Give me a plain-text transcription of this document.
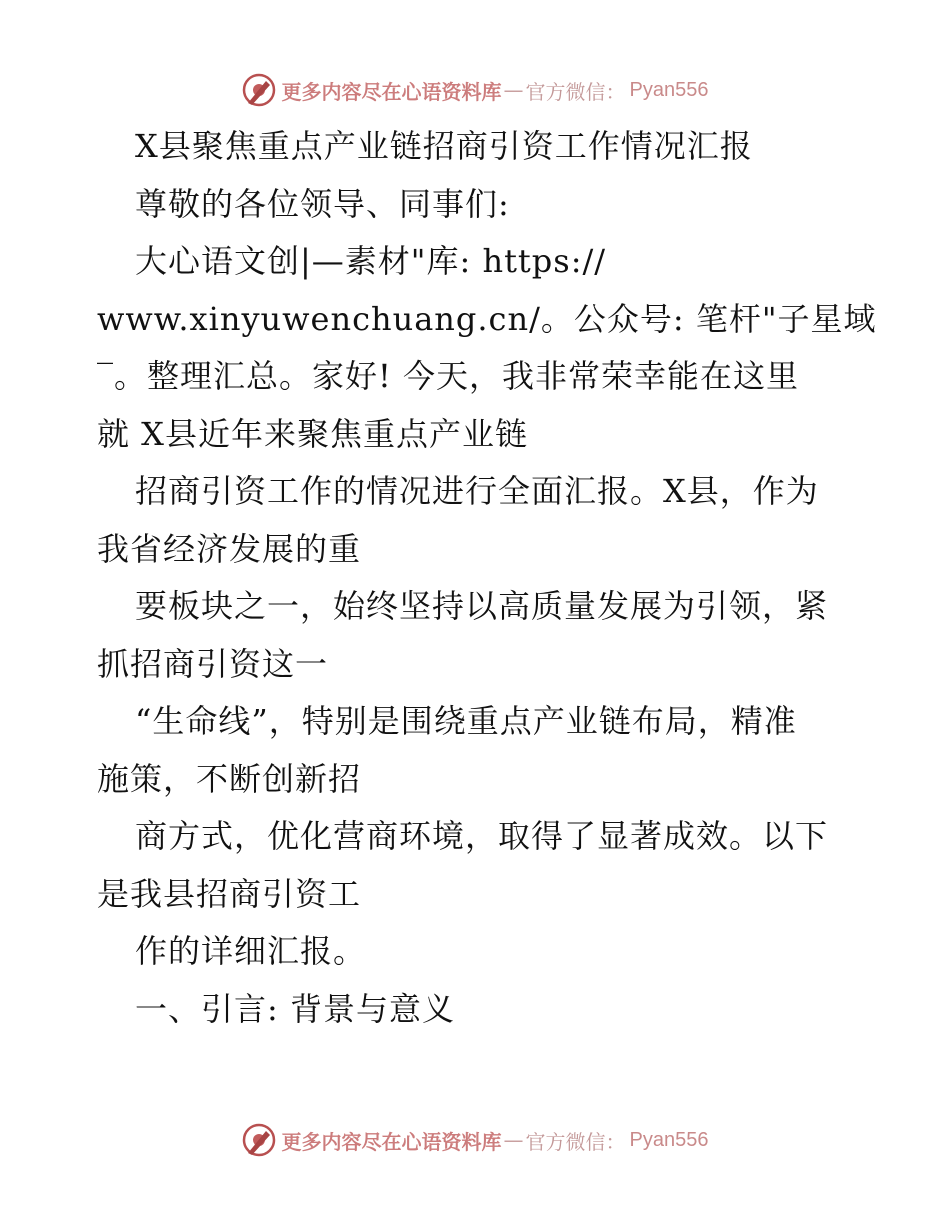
更多内容尽在心语资料库 — 官方微信： Pyan556
X县聚焦重点产业链招商引资工作情况汇报
尊敬的各位领导、同事们:
大心语文创|—素材"库: https://
www.xinyuwenchuang.cn/。公众号: 笔杆"子星域
‾。整理汇总。家好! 今天，我非常荣幸能在这里
就 X县近年来聚焦重点产业链
招商引资工作的情况进行全面汇报。X县，作为
我省经济发展的重
要板块之一，始终坚持以高质量发展为引领，紧
抓招商引资这一
“生命线”，特别是围绕重点产业链布局，精准
施策，不断创新招
商方式，优化营商环境，取得了显著成效。以下
是我县招商引资工
作的详细汇报。
一、引言: 背景与意义
更多内容尽在心语资料库 — 官方微信： Pyan556
